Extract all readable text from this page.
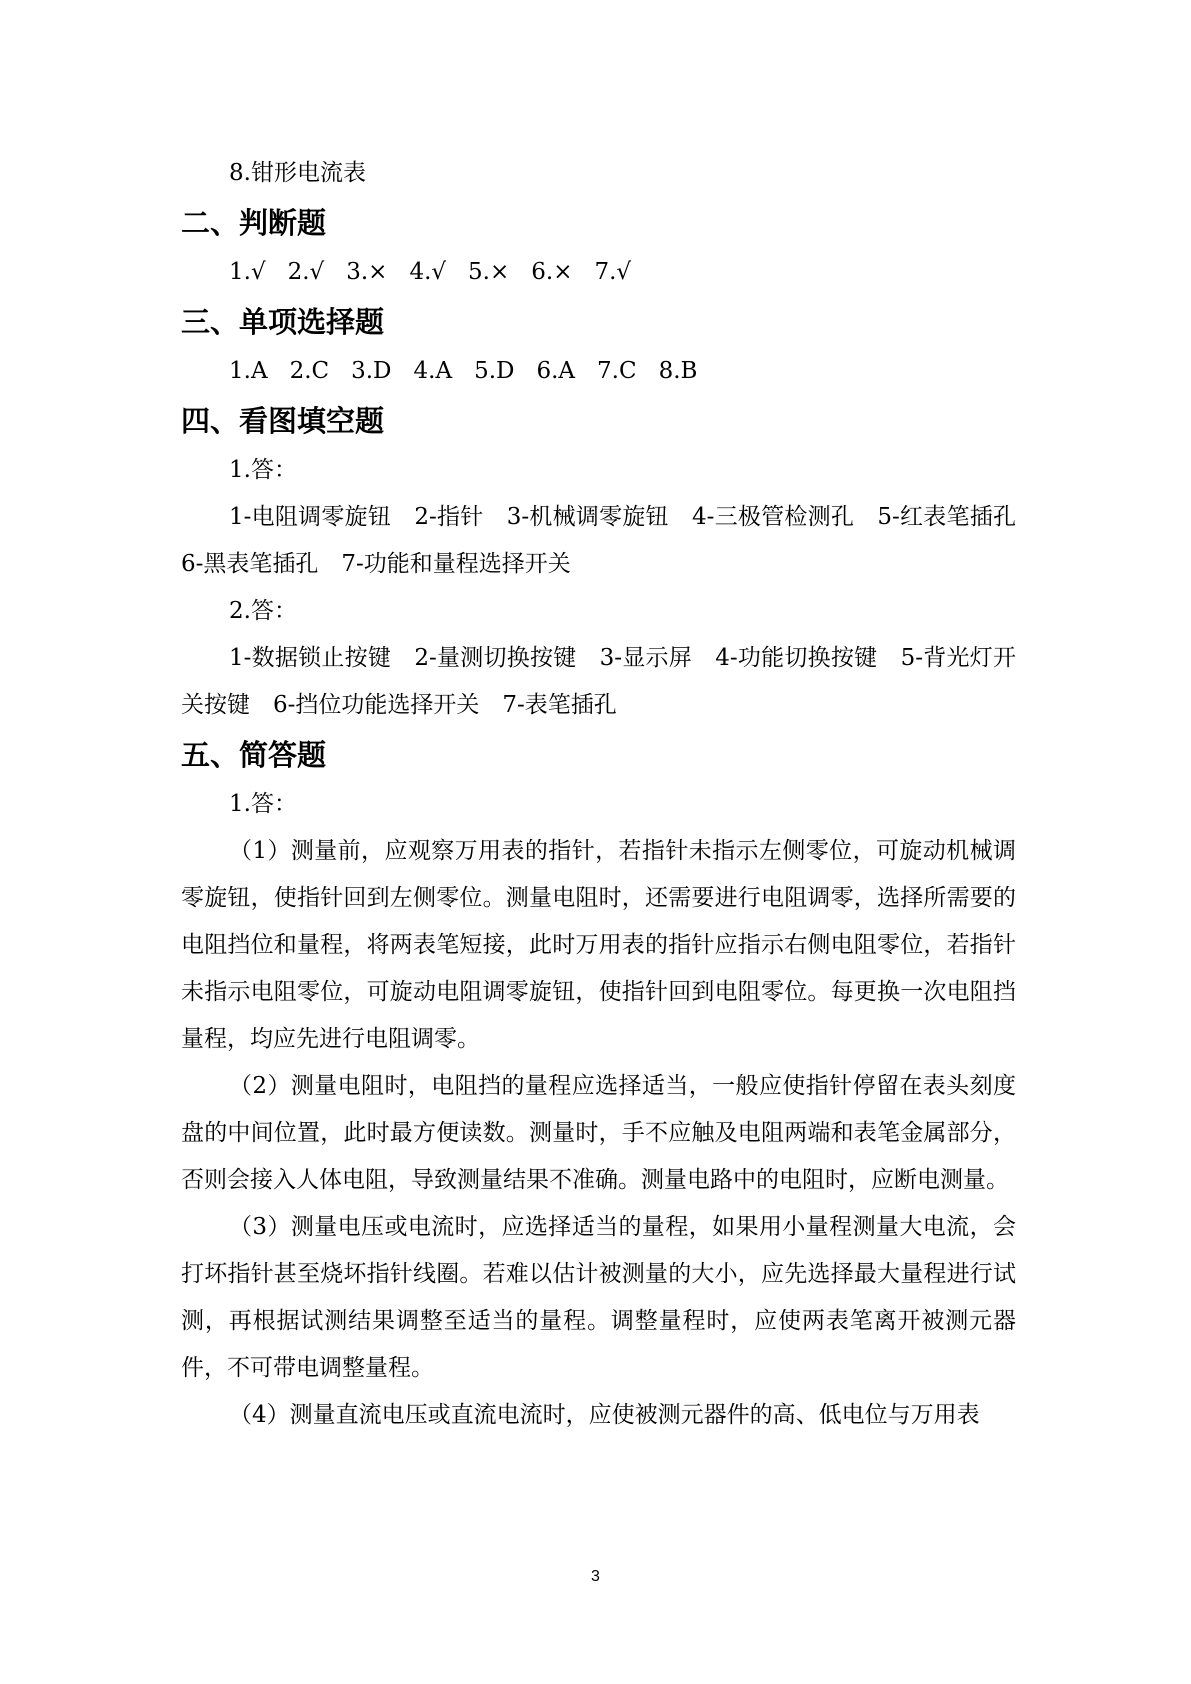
8.钳形电流表
二、判断题
1.√ 2.√ 3.× 4.√ 5.× 6.× 7.√
三、单项选择题
1.A 2.C 3.D 4.A 5.D 6.A 7.C 8.B
四、看图填空题
1.答：

1-电阻调零旋钮　2-指针　3-机械调零旋钮　4-三极管检测孔　5-红表笔插孔　6-黑表笔插孔　7-功能和量程选择开关

2.答：

1-数据锁止按键　2-量测切换按键　3-显示屏　4-功能切换按键　5-背光灯开关按键　6-挡位功能选择开关　7-表笔插孔

五、简答题
1.答：

（1）测量前，应观察万用表的指针，若指针未指示左侧零位，可旋动机械调零旋钮，使指针回到左侧零位。测量电阻时，还需要进行电阻调零，选择所需要的电阻挡位和量程，将两表笔短接，此时万用表的指针应指示右侧电阻零位，若指针未指示电阻零位，可旋动电阻调零旋钮，使指针回到电阻零位。每更换一次电阻挡量程，均应先进行电阻调零。

（2）测量电阻时，电阻挡的量程应选择适当，一般应使指针停留在表头刻度盘的中间位置，此时最方便读数。测量时，手不应触及电阻两端和表笔金属部分，否则会接入人体电阻，导致测量结果不准确。测量电路中的电阻时，应断电测量。

（3）测量电压或电流时，应选择适当的量程，如果用小量程测量大电流，会打坏指针甚至烧坏指针线圈。若难以估计被测量的大小，应先选择最大量程进行试测，再根据试测结果调整至适当的量程。调整量程时，应使两表笔离开被测元器件，不可带电调整量程。

（4）测量直流电压或直流电流时，应使被测元器件的高、低电位与万用表

3
